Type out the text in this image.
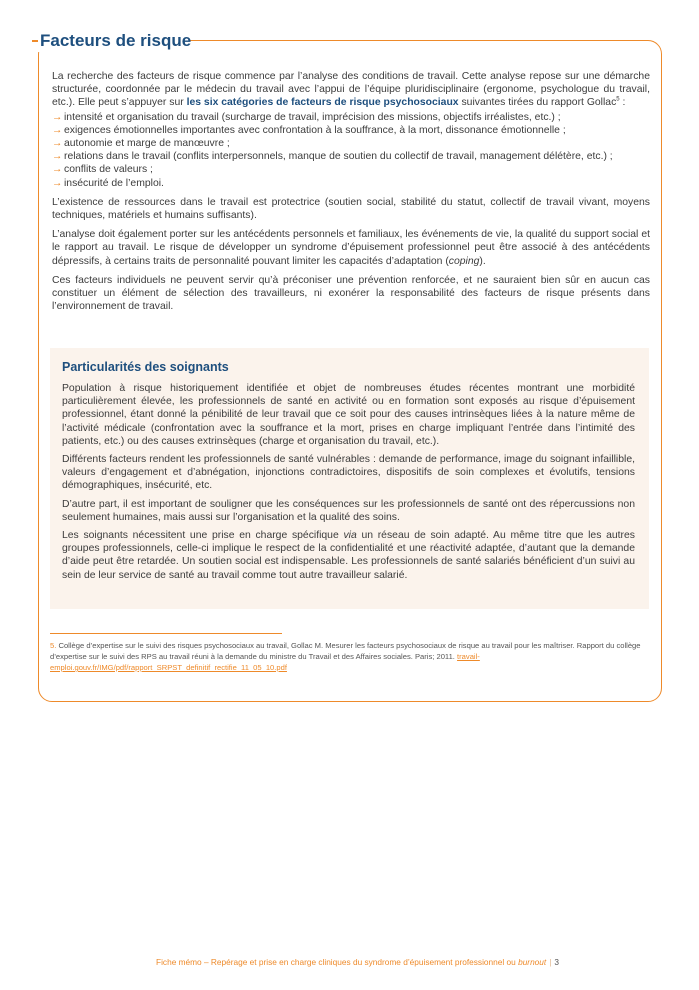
Facteurs de risque

La recherche des facteurs de risque commence par l’analyse des conditions de travail. Cette analyse repose sur une démarche structurée, coordonnée par le médecin du travail avec l’appui de l’équipe pluridisciplinaire (ergonome, psychologue du travail, etc.). Elle peut s’appuyer sur les six catégories de facteurs de risque psychosociaux suivantes tirées du rapport Gollac$^5$ :

→ intensité et organisation du travail (surcharge de travail, imprécision des missions, objectifs irréalistes, etc.) ;
→ exigences émotionnelles importantes avec confrontation à la souffrance, à la mort, dissonance émotionnelle ;
→ autonomie et marge de manœuvre ;
→ relations dans le travail (conflits interpersonnels, manque de soutien du collectif de travail, management délétère, etc.) ;
→ conflits de valeurs ;
→ insécurité de l’emploi.

L’existence de ressources dans le travail est protectrice (soutien social, stabilité du statut, collectif de travail vivant, moyens techniques, matériels et humains suffisants).

L’analyse doit également porter sur les antécédents personnels et familiaux, les événements de vie, la qualité du support social et le rapport au travail. Le risque de développer un syndrome d’épuisement professionnel peut être associé à des antécédents dépressifs, à certains traits de personnalité pouvant limiter les capacités d’adaptation (coping).

Ces facteurs individuels ne peuvent servir qu’à préconiser une prévention renforcée, et ne sauraient bien sûr en aucun cas constituer un élément de sélection des travailleurs, ni exonérer la responsabilité des facteurs de risque présents dans l’environnement de travail.

Particularités des soignants

Population à risque historiquement identifiée et objet de nombreuses études récentes montrant une morbidité particulièrement élevée, les professionnels de santé en activité ou en formation sont exposés au risque d’épuisement professionnel, étant donné la pénibilité de leur travail que ce soit pour des causes intrinsèques liées à la nature même de l’activité médicale (confrontation avec la souffrance et la mort, prises en charge impliquant l’entrée dans l’intimité des patients, etc.) ou des causes extrinsèques (charge et organisation du travail, etc.).

Différents facteurs rendent les professionnels de santé vulnérables : demande de performance, image du soignant infaillible, valeurs d’engagement et d’abnégation, injonctions contradictoires, dispositifs de soin complexes et évolutifs, tensions démographiques, insécurité, etc.

D’autre part, il est important de souligner que les conséquences sur les professionnels de santé ont des répercussions non seulement humaines, mais aussi sur l’organisation et la qualité des soins.

Les soignants nécessitent une prise en charge spécifique via un réseau de soin adapté. Au même titre que les autres groupes professionnels, celle-ci implique le respect de la confidentialité et une réactivité adaptée, d’autant que la demande d’aide peut être retardée. Un soutien social est indispensable. Les professionnels de santé salariés bénéficient d’un suivi au sein de leur service de santé au travail comme tout autre travailleur salarié.

5. Collège d’expertise sur le suivi des risques psychosociaux au travail, Gollac M. Mesurer les facteurs psychosociaux de risque au travail pour les maîtriser. Rapport du collège d’expertise sur le suivi des RPS au travail réuni à la demande du ministre du Travail et des Affaires sociales. Paris; 2011. travail-emploi.gouv.fr/IMG/pdf/rapport_SRPST_definitif_rectifie_11_05_10.pdf
Fiche mémo – Repérage et prise en charge cliniques du syndrome d’épuisement professionnel ou burnout | 3
